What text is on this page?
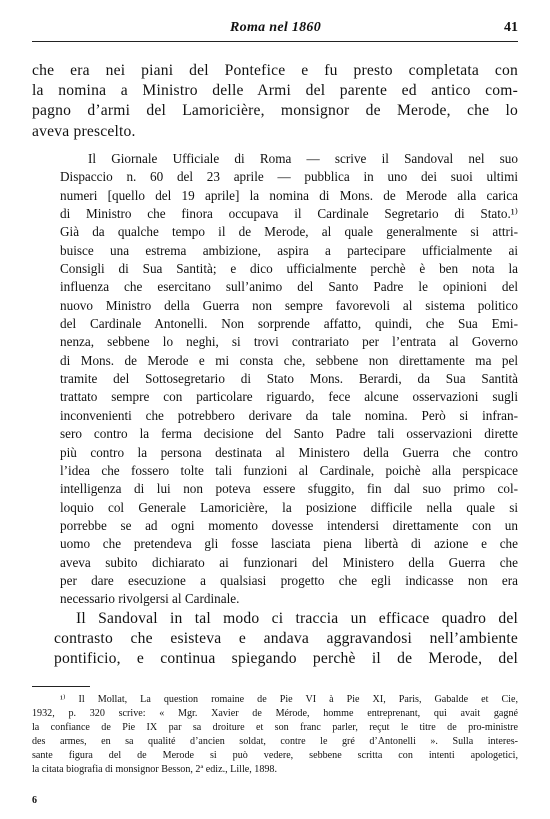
Roma nel 1860	41
che era nei piani del Pontefice e fu presto completata con
la nomina a Ministro delle Armi del parente ed antico com-
pagno d’armi del Lamoricière, monsignor de Merode, che lo
aveva prescelto.
Il Giornale Ufficiale di Roma — scrive il Sandoval nel suo
Dispaccio n. 60 del 23 aprile — pubblica in uno dei suoi ultimi
numeri [quello del 19 aprile] la nomina di Mons. de Merode alla carica
di Ministro che finora occupava il Cardinale Segretario di Stato.¹⁾
Già da qualche tempo il de Merode, al quale generalmente si attri-
buisce una estrema ambizione, aspira a partecipare ufficialmente ai
Consigli di Sua Santità; e dico ufficialmente perchè è ben nota la
influenza che esercitano sull’animo del Santo Padre le opinioni del
nuovo Ministro della Guerra non sempre favorevoli al sistema politico
del Cardinale Antonelli. Non sorprende affatto, quindi, che Sua Emi-
nenza, sebbene lo neghi, si trovi contrariato per l’entrata al Governo
di Mons. de Merode e mi consta che, sebbene non direttamente ma pel
tramite del Sottosegretario di Stato Mons. Berardi, da Sua Santità
trattato sempre con particolare riguardo, fece alcune osservazioni sugli
inconvenienti che potrebbero derivare da tale nomina. Però si infran-
sero contro la ferma decisione del Santo Padre tali osservazioni dirette
più contro la persona destinata al Ministero della Guerra che contro
l’idea che fossero tolte tali funzioni al Cardinale, poichè alla perspicace
intelligenza di lui non poteva essere sfuggito, fin dal suo primo col-
loquio col Generale Lamoricière, la posizione difficile nella quale si
porrebbe se ad ogni momento dovesse intendersi direttamente con un
uomo che pretendeva gli fosse lasciata piena libertà di azione e che
aveva subito dichiarato ai funzionari del Ministero della Guerra che
per dare esecuzione a qualsiasi progetto che egli indicasse non era
necessario rivolgersi al Cardinale.
Il Sandoval in tal modo ci traccia un efficace quadro del
contrasto che esisteva e andava aggravandosi nell’ambiente
pontificio, e continua spiegando perchè il de Merode, del
¹⁾ Il Mollat, La question romaine de Pie VI à Pie XI, Paris, Gabalde et Cie,
1932, p. 320 scrive: « Mgr. Xavier de Mérode, homme entreprenant, qui avait gagné
la confiance de Pie IX par sa droiture et son franc parler, reçut le titre de pro-ministre
des armes, en sa qualité d’ancien soldat, contre le gré d’Antonelli ». Sulla interes-
sante figura del de Merode si può vedere, sebbene scritta con intenti apologetici,
la citata biografia di monsignor Besson, 2ª ediz., Lille, 1898.
6
